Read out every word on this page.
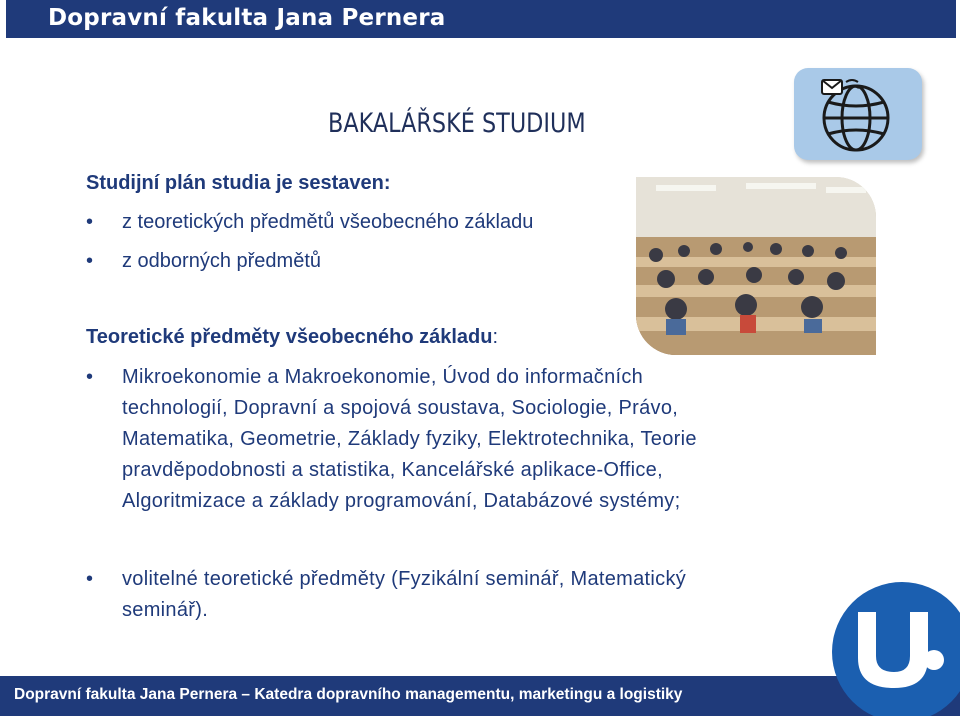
Dopravní fakulta Jana Pernera
BAKALÁŘSKÉ STUDIUM
Studijní plán studia je sestaven:
•	z teoretických předmětů všeobecného základu
•	z odborných předmětů
Teoretické předměty všeobecného základu:
•	Mikroekonomie a Makroekonomie, Úvod do informačních
technologií, Dopravní a spojová soustava, Sociologie, Právo,
Matematika, Geometrie, Základy fyziky, Elektrotechnika, Teorie
pravděpodobnosti a statistika, Kancelářské aplikace-Office,
Algoritmizace a základy programování, Databázové systémy;
•	volitelné teoretické předměty (Fyzikální seminář, Matematický
seminář).
Dopravní fakulta Jana Pernera – Katedra dopravního managementu, marketingu a logistiky
